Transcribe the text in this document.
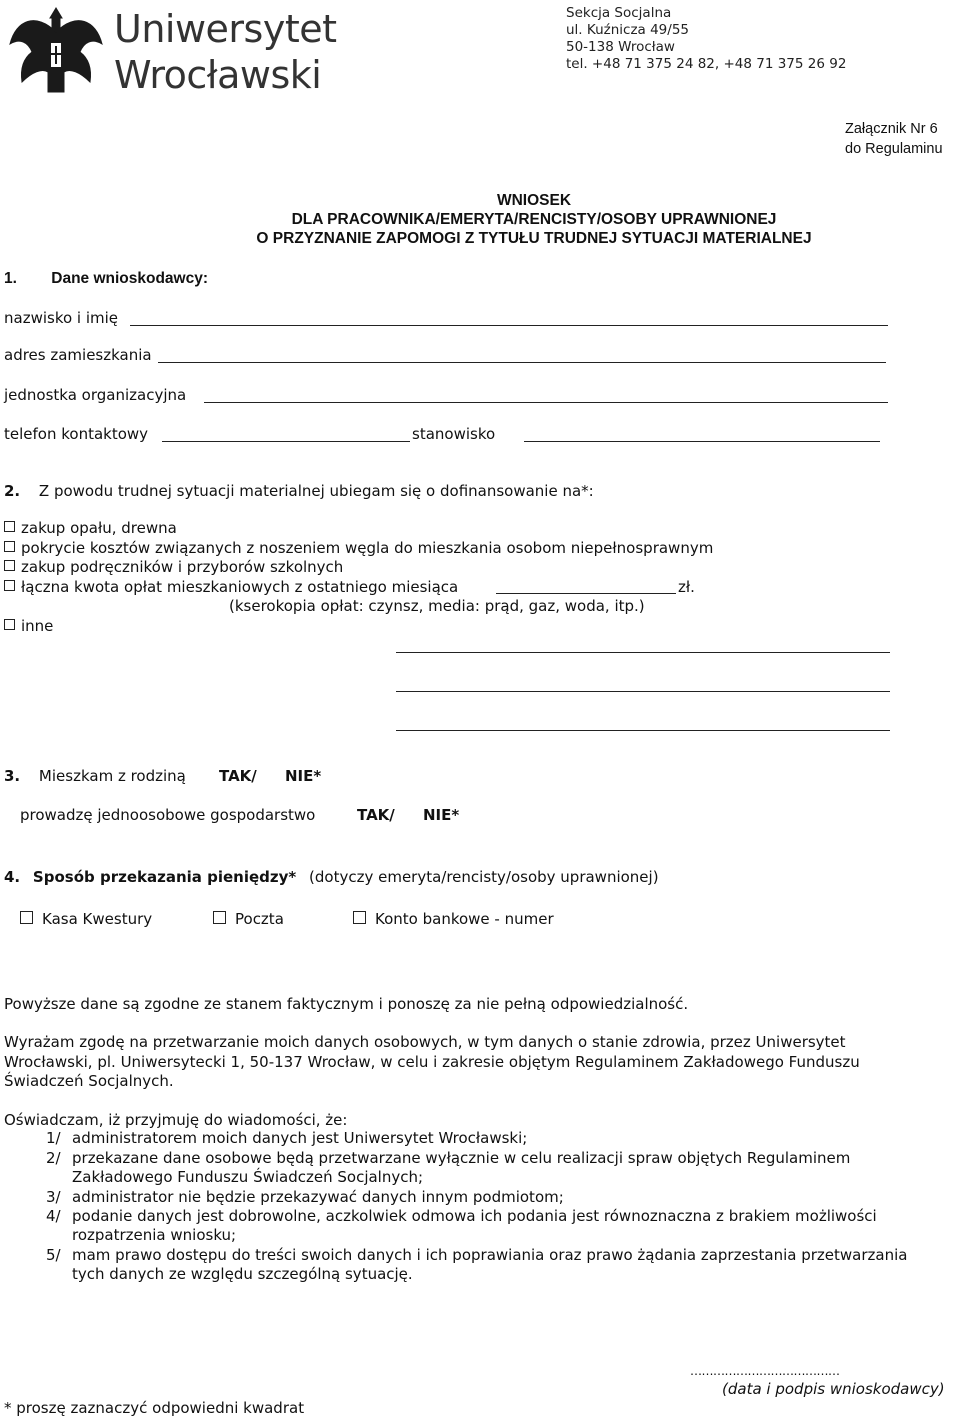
Uniwersytet
Wrocławski
Sekcja Socjalna
ul. Kuźnicza 49/55
50-138 Wrocław
tel. +48 71 375 24 82, +48 71 375 26 92
Załącznik Nr 6
do Regulaminu
WNIOSEK
DLA PRACOWNIKA/EMERYTA/RENCISTY/OSOBY UPRAWNIONEJ
O PRZYZNANIE ZAPOMOGI Z TYTUŁU TRUDNEJ SYTUACJI MATERIALNEJ
1. Dane wnioskodawcy:
nazwisko i imię
adres zamieszkania
jednostka organizacyjna
telefon kontaktowy	stanowisko
2. Z powodu trudnej sytuacji materialnej ubiegam się o dofinansowanie na*:
zakup opału, drewna
pokrycie kosztów związanych z noszeniem węgla do mieszkania osobom niepełnosprawnym
zakup podręczników i przyborów szkolnych
łączna kwota opłat mieszkaniowych z ostatniego miesiąca	zł.
(kserokopia opłat: czynsz, media: prąd, gaz, woda, itp.)
inne
3. Mieszkam z rodziną TAK/ NIE*
prowadzę jednoosobowe gospodarstwo	TAK/ NIE*
4. Sposób przekazania pieniędzy* (dotyczy emeryta/rencisty/osoby uprawnionej)
Kasa Kwestury	Poczta	Konto bankowe - numer
Powyższe dane są zgodne ze stanem faktycznym i ponoszę za nie pełną odpowiedzialność.
Wyrażam zgodę na przetwarzanie moich danych osobowych, w tym danych o stanie zdrowia, przez Uniwersytet
Wrocławski, pl. Uniwersytecki 1, 50-137 Wrocław, w celu i zakresie objętym Regulaminem Zakładowego Funduszu
Świadczeń Socjalnych.
Oświadczam, iż przyjmuję do wiadomości, że:
1/ administratorem moich danych jest Uniwersytet Wrocławski;
2/ przekazane dane osobowe będą przetwarzane wyłącznie w celu realizacji spraw objętych Regulaminem
Zakładowego Funduszu Świadczeń Socjalnych;
3/ administrator nie będzie przekazywać danych innym podmiotom;
4/ podanie danych jest dobrowolne, aczkolwiek odmowa ich podania jest równoznaczna z brakiem możliwości
rozpatrzenia wniosku;
5/ mam prawo dostępu do treści swoich danych i ich poprawiania oraz prawo żądania zaprzestania przetwarzania
tych danych ze względu szczególną sytuację.
…………………………………
(data i podpis wnioskodawcy)
* proszę zaznaczyć odpowiedni kwadrat
